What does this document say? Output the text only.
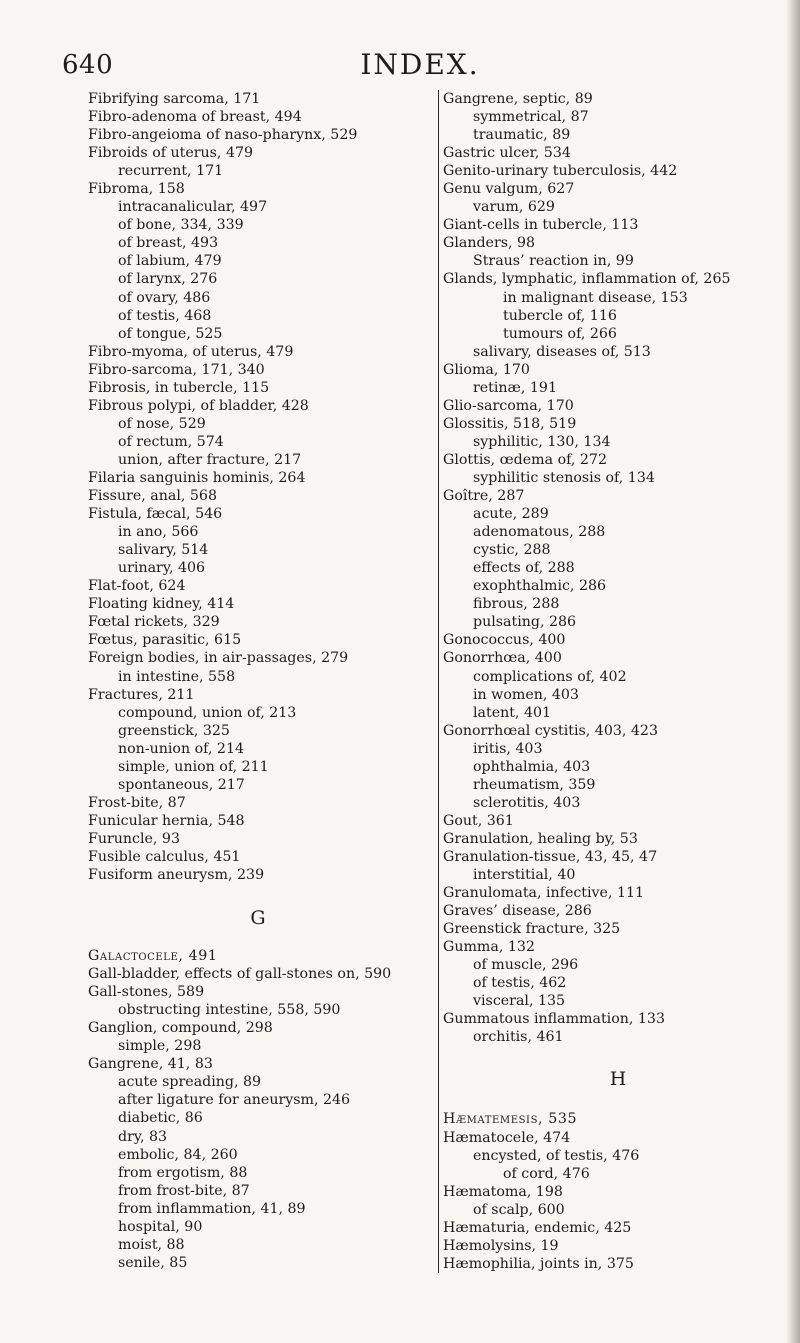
640	INDEX.
Fibrifying sarcoma, 171
Fibro-adenoma of breast, 494
Fibro-angeioma of naso-pharynx, 529
Fibroids of uterus, 479
recurrent, 171
Fibroma, 158
intracanalicular, 497
of bone, 334, 339
of breast, 493
of labium, 479
of larynx, 276
of ovary, 486
of testis, 468
of tongue, 525
Fibro-myoma, of uterus, 479
Fibro-sarcoma, 171, 340
Fibrosis, in tubercle, 115
Fibrous polypi, of bladder, 428
of nose, 529
of rectum, 574
union, after fracture, 217
Filaria sanguinis hominis, 264
Fissure, anal, 568
Fistula, fæcal, 546
in ano, 566
salivary, 514
urinary, 406
Flat-foot, 624
Floating kidney, 414
Fœtal rickets, 329
Fœtus, parasitic, 615
Foreign bodies, in air-passages, 279
in intestine, 558
Fractures, 211
compound, union of, 213
greenstick, 325
non-union of, 214
simple, union of, 211
spontaneous, 217
Frost-bite, 87
Funicular hernia, 548
Furuncle, 93
Fusible calculus, 451
Fusiform aneurysm, 239
G
Galactocele, 491
Gall-bladder, effects of gall-stones on, 590
Gall-stones, 589
obstructing intestine, 558, 590
Ganglion, compound, 298
simple, 298
Gangrene, 41, 83
acute spreading, 89
after ligature for aneurysm, 246
diabetic, 86
dry, 83
embolic, 84, 260
from ergotism, 88
from frost-bite, 87
from inflammation, 41, 89
hospital, 90
moist, 88
senile, 85
Gangrene, septic, 89
symmetrical, 87
traumatic, 89
Gastric ulcer, 534
Genito-urinary tuberculosis, 442
Genu valgum, 627
varum, 629
Giant-cells in tubercle, 113
Glanders, 98
Straus’ reaction in, 99
Glands, lymphatic, inflammation of, 265
in malignant disease, 153
tubercle of, 116
tumours of, 266
salivary, diseases of, 513
Glioma, 170
retinæ, 191
Glio-sarcoma, 170
Glossitis, 518, 519
syphilitic, 130, 134
Glottis, œdema of, 272
syphilitic stenosis of, 134
Goître, 287
acute, 289
adenomatous, 288
cystic, 288
effects of, 288
exophthalmic, 286
fibrous, 288
pulsating, 286
Gonococcus, 400
Gonorrhœa, 400
complications of, 402
in women, 403
latent, 401
Gonorrhœal cystitis, 403, 423
iritis, 403
ophthalmia, 403
rheumatism, 359
sclerotitis, 403
Gout, 361
Granulation, healing by, 53
Granulation-tissue, 43, 45, 47
interstitial, 40
Granulomata, infective, 111
Graves’ disease, 286
Greenstick fracture, 325
Gumma, 132
of muscle, 296
of testis, 462
visceral, 135
Gummatous inflammation, 133
orchitis, 461
H
Hæmatemesis, 535
Hæmatocele, 474
encysted, of testis, 476
of cord, 476
Hæmatoma, 198
of scalp, 600
Hæmaturia, endemic, 425
Hæmolysins, 19
Hæmophilia, joints in, 375
